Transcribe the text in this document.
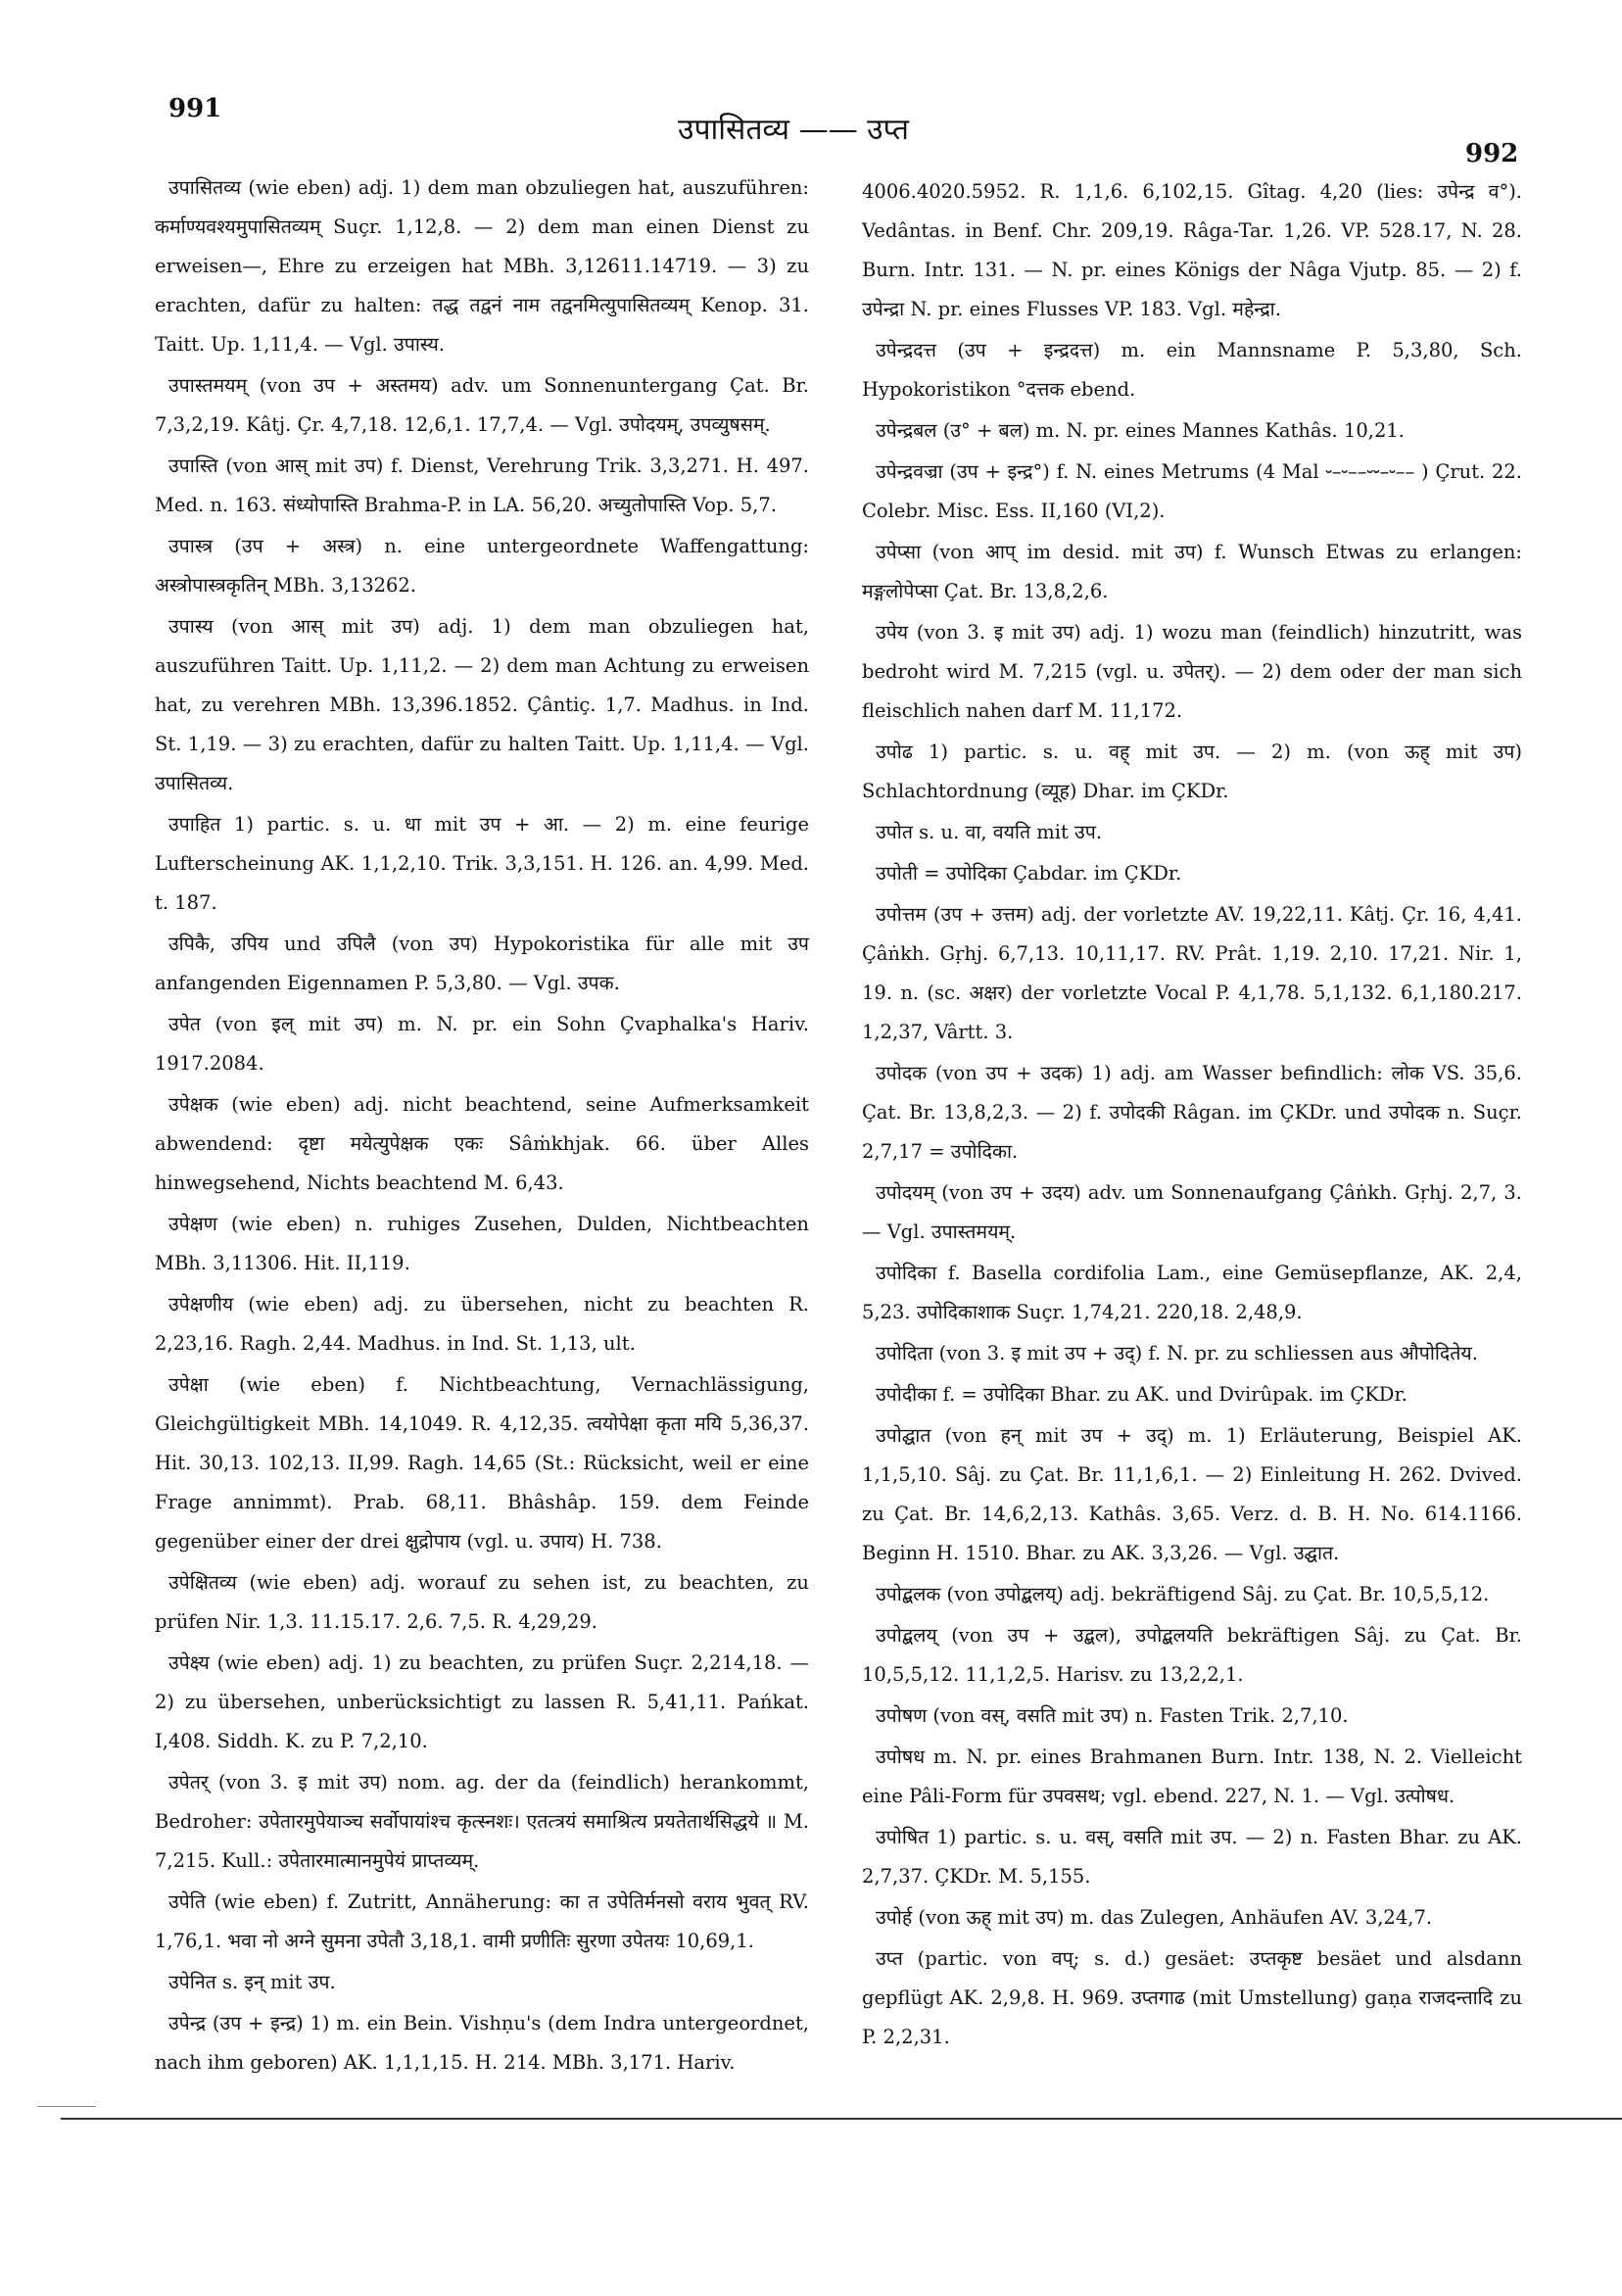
991
उपासितव्य —— उप्त
992

उपासितव्य (wie eben) adj. 1) dem man obzuliegen hat, auszuführen: कर्माण्यवश्यमुपासितव्यम् Suçr. 1,12,8. — 2) dem man einen Dienst zu erweisen—, Ehre zu erzeigen hat MBh. 3,12611.14719. — 3) zu erachten, dafür zu halten: तद्ध तद्वनं नाम तद्वनमित्युपासितव्यम् Kenop. 31. Taitt. Up. 1,11,4. — Vgl. उपास्य.

उपास्तमयम् (von उप + अस्तमय) adv. um Sonnenuntergang Çat. Br. 7,3,2,19. Kâtj. Çr. 4,7,18. 12,6,1. 17,7,4. — Vgl. उपोदयम्, उपव्युषसम्.

उपास्ति (von आस् mit उप) f. Dienst, Verehrung Trik. 3,3,271. H. 497. Med. n. 163. संध्योपास्ति Brahma-P. in LA. 56,20. अच्युतोपास्ति Vop. 5,7.

उपास्त्र (उप + अस्त्र) n. eine untergeordnete Waffengattung: अस्त्रोपास्त्रकृतिन् MBh. 3,13262.

उपास्य (von आस् mit उप) adj. 1) dem man obzuliegen hat, auszuführen Taitt. Up. 1,11,2. — 2) dem man Achtung zu erweisen hat, zu verehren MBh. 13,396.1852. Çântiç. 1,7. Madhus. in Ind. St. 1,19. — 3) zu erachten, dafür zu halten Taitt. Up. 1,11,4. — Vgl. उपासितव्य.

उपाहित 1) partic. s. u. धा mit उप + आ. — 2) m. eine feurige Lufterscheinung AK. 1,1,2,10. Trik. 3,3,151. H. 126. an. 4,99. Med. t. 187.

उपिकै, उपिय und उपिलै (von उप) Hypokoristika für alle mit उप anfangenden Eigennamen P. 5,3,80. — Vgl. उपक.

उपेत (von इल् mit उप) m. N. pr. ein Sohn Çvaphalka's Hariv. 1917.2084.

उपेक्षक (wie eben) adj. nicht beachtend, seine Aufmerksamkeit abwendend: दृष्टा मयेत्युपेक्षक एकः Sâṁkhjak. 66. über Alles hinwegsehend, Nichts beachtend M. 6,43.

उपेक्षण (wie eben) n. ruhiges Zusehen, Dulden, Nichtbeachten MBh. 3,11306. Hit. II,119.

उपेक्षणीय (wie eben) adj. zu übersehen, nicht zu beachten R. 2,23,16. Ragh. 2,44. Madhus. in Ind. St. 1,13, ult.

उपेक्षा (wie eben) f. Nichtbeachtung, Vernachlässigung, Gleichgültigkeit MBh. 14,1049. R. 4,12,35. त्वयोपेक्षा कृता मयि 5,36,37. Hit. 30,13. 102,13. II,99. Ragh. 14,65 (St.: Rücksicht, weil er eine Frage annimmt). Prab. 68,11. Bhâshâp. 159. dem Feinde gegenüber einer der drei क्षुद्रोपाय (vgl. u. उपाय) H. 738.

उपेक्षितव्य (wie eben) adj. worauf zu sehen ist, zu beachten, zu prüfen Nir. 1,3. 11.15.17. 2,6. 7,5. R. 4,29,29.

उपेक्ष्य (wie eben) adj. 1) zu beachten, zu prüfen Suçr. 2,214,18. — 2) zu übersehen, unberücksichtigt zu lassen R. 5,41,11. Pańkat. I,408. Siddh. K. zu P. 7,2,10.

उपेतर् (von 3. इ mit उप) nom. ag. der da (feindlich) herankommt, Bedroher: उपेतारमुपेयाञ्च सर्वोपायांश्च कृत्स्नशः। एतत्त्रयं समाश्रित्य प्रयतेतार्थसिद्धये ॥ M. 7,215. Kull.: उपेतारमात्मानमुपेयं प्राप्तव्यम्.

उपेति (wie eben) f. Zutritt, Annäherung: का त उपेतिर्मनसो वराय भुवत् RV. 1,76,1. भवा नो अग्ने सुमना उपेतौ 3,18,1. वामी प्रणीतिः सुरणा उपेतयः 10,69,1.

उपेनित s. इन् mit उप.

उपेन्द्र (उप + इन्द्र) 1) m. ein Bein. Vishṇu's (dem Indra untergeordnet, nach ihm geboren) AK. 1,1,1,15. H. 214. MBh. 3,171. Hariv.

4006.4020.5952. R. 1,1,6. 6,102,15. Gîtag. 4,20 (lies: उपेन्द्र व°). Vedântas. in Benf. Chr. 209,19. Râga-Tar. 1,26. VP. 528.17, N. 28. Burn. Intr. 131. — N. pr. eines Königs der Nâga Vjutp. 85. — 2) f. उपेन्द्रा N. pr. eines Flusses VP. 183. Vgl. महेन्द्रा.

उपेन्द्रदत्त (उप + इन्द्रदत्त) m. ein Mannsname P. 5,3,80, Sch. Hypokoristikon °दत्तक ebend.

उपेन्द्रबल (उ° + बल) m. N. pr. eines Mannes Kathâs. 10,21.

उपेन्द्रवज्रा (उप + इन्द्र°) f. N. eines Metrums (4 Mal ⏑–⏑––⏑⏑–⏑–– ) Çrut. 22. Colebr. Misc. Ess. II,160 (VI,2).

उपेप्सा (von आप् im desid. mit उप) f. Wunsch Etwas zu erlangen: मङ्गलोपेप्सा Çat. Br. 13,8,2,6.

उपेय (von 3. इ mit उप) adj. 1) wozu man (feindlich) hinzutritt, was bedroht wird M. 7,215 (vgl. u. उपेतर्). — 2) dem oder der man sich fleischlich nahen darf M. 11,172.

उपोढ 1) partic. s. u. वह् mit उप. — 2) m. (von ऊह् mit उप) Schlachtordnung (व्यूह) Dhar. im ÇKDr.

उपोत s. u. वा, वयति mit उप.

उपोती = उपोदिका Çabdar. im ÇKDr.

उपोत्तम (उप + उत्तम) adj. der vorletzte AV. 19,22,11. Kâtj. Çr. 16, 4,41. Çâṅkh. Gṛhj. 6,7,13. 10,11,17. RV. Prât. 1,19. 2,10. 17,21. Nir. 1, 19. n. (sc. अक्षर) der vorletzte Vocal P. 4,1,78. 5,1,132. 6,1,180.217. 1,2,37, Vârtt. 3.

उपोदक (von उप + उदक) 1) adj. am Wasser befindlich: लोक VS. 35,6. Çat. Br. 13,8,2,3. — 2) f. उपोदकी Râgan. im ÇKDr. und उपोदक n. Suçr. 2,7,17 = उपोदिका.

उपोदयम् (von उप + उदय) adv. um Sonnenaufgang Çâṅkh. Gṛhj. 2,7, 3. — Vgl. उपास्तमयम्.

उपोदिका f. Basella cordifolia Lam., eine Gemüsepflanze, AK. 2,4, 5,23. उपोदिकाशाक Suçr. 1,74,21. 220,18. 2,48,9.

उपोदिता (von 3. इ mit उप + उद्) f. N. pr. zu schliessen aus औपोदितेय.

उपोदीका f. = उपोदिका Bhar. zu AK. und Dvirûpak. im ÇKDr.

उपोद्घात (von हन् mit उप + उद्) m. 1) Erläuterung, Beispiel AK. 1,1,5,10. Sâj. zu Çat. Br. 11,1,6,1. — 2) Einleitung H. 262. Dvived. zu Çat. Br. 14,6,2,13. Kathâs. 3,65. Verz. d. B. H. No. 614.1166. Beginn H. 1510. Bhar. zu AK. 3,3,26. — Vgl. उद्घात.

उपोद्बलक (von उपोद्बलय्) adj. bekräftigend Sâj. zu Çat. Br. 10,5,5,12.

उपोद्बलय् (von उप + उद्बल), उपोद्बलयति bekräftigen Sâj. zu Çat. Br. 10,5,5,12. 11,1,2,5. Harisv. zu 13,2,2,1.

उपोषण (von वस्, वसति mit उप) n. Fasten Trik. 2,7,10.

उपोषध m. N. pr. eines Brahmanen Burn. Intr. 138, N. 2. Vielleicht eine Pâli-Form für उपवसथ; vgl. ebend. 227, N. 1. — Vgl. उत्पोषध.

उपोषित 1) partic. s. u. वस्, वसति mit उप. — 2) n. Fasten Bhar. zu AK. 2,7,37. ÇKDr. M. 5,155.

उपोर्ह (von ऊह् mit उप) m. das Zulegen, Anhäufen AV. 3,24,7.

उप्त (partic. von वप्; s. d.) gesäet: उप्तकृष्ट besäet und alsdann gepflügt AK. 2,9,8. H. 969. उप्तगाढ (mit Umstellung) gaṇa राजदन्तादि zu P. 2,2,31.
